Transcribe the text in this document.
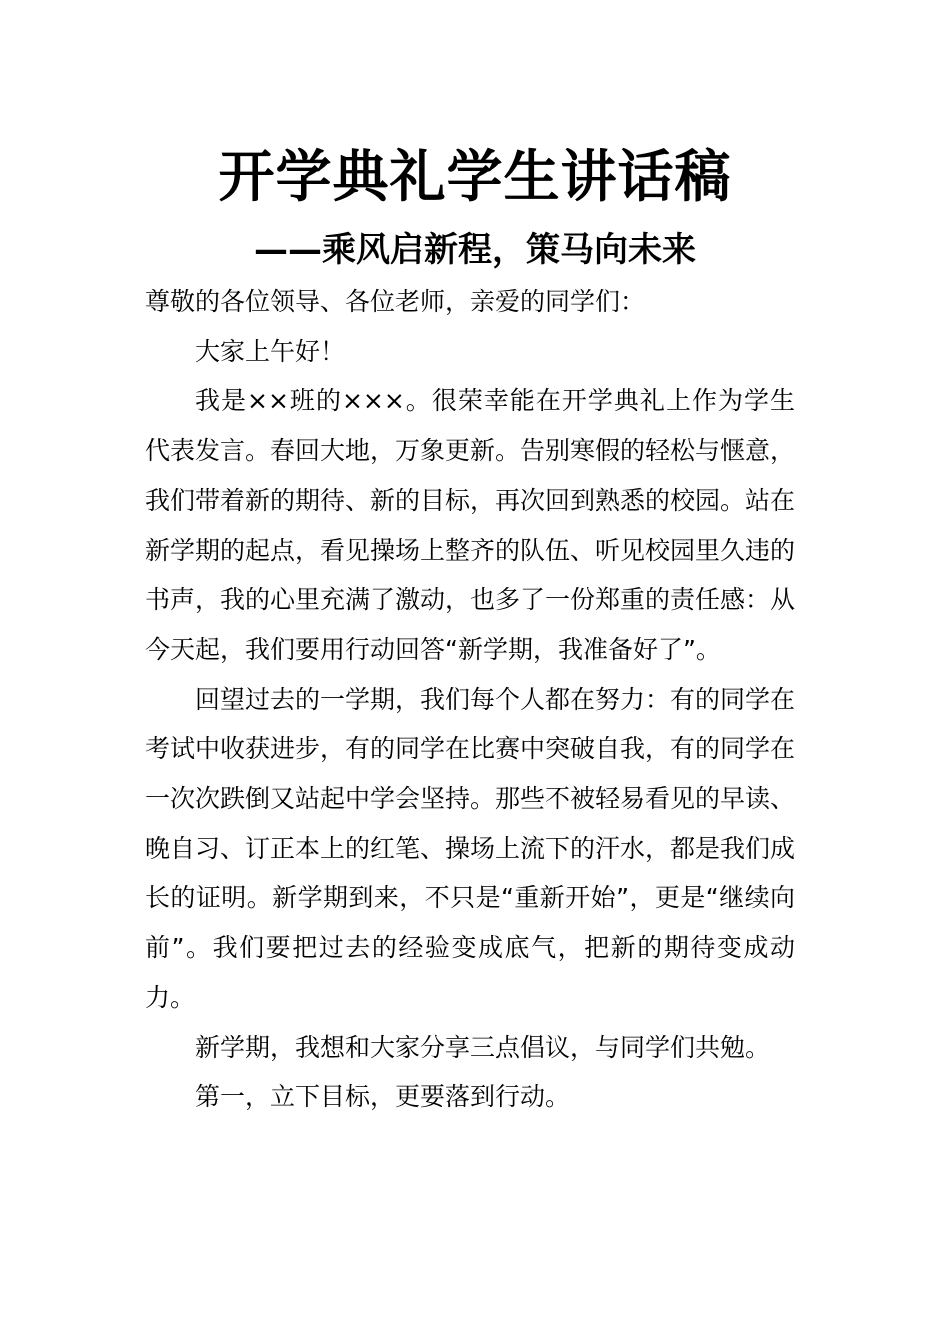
开学典礼学生讲话稿
——乘风启新程，策马向未来

尊敬的各位领导、各位老师，亲爱的同学们：

大家上午好！

我是××班的×××。很荣幸能在开学典礼上作为学生代表发言。春回大地，万象更新。告别寒假的轻松与惬意，我们带着新的期待、新的目标，再次回到熟悉的校园。站在新学期的起点，看见操场上整齐的队伍、听见校园里久违的书声，我的心里充满了激动，也多了一份郑重的责任感：从今天起，我们要用行动回答“新学期，我准备好了”。

回望过去的一学期，我们每个人都在努力：有的同学在考试中收获进步，有的同学在比赛中突破自我，有的同学在一次次跌倒又站起中学会坚持。那些不被轻易看见的早读、晚自习、订正本上的红笔、操场上流下的汗水，都是我们成长的证明。新学期到来，不只是“重新开始”，更是“继续向前”。我们要把过去的经验变成底气，把新的期待变成动力。

新学期，我想和大家分享三点倡议，与同学们共勉。

第一，立下目标，更要落到行动。
